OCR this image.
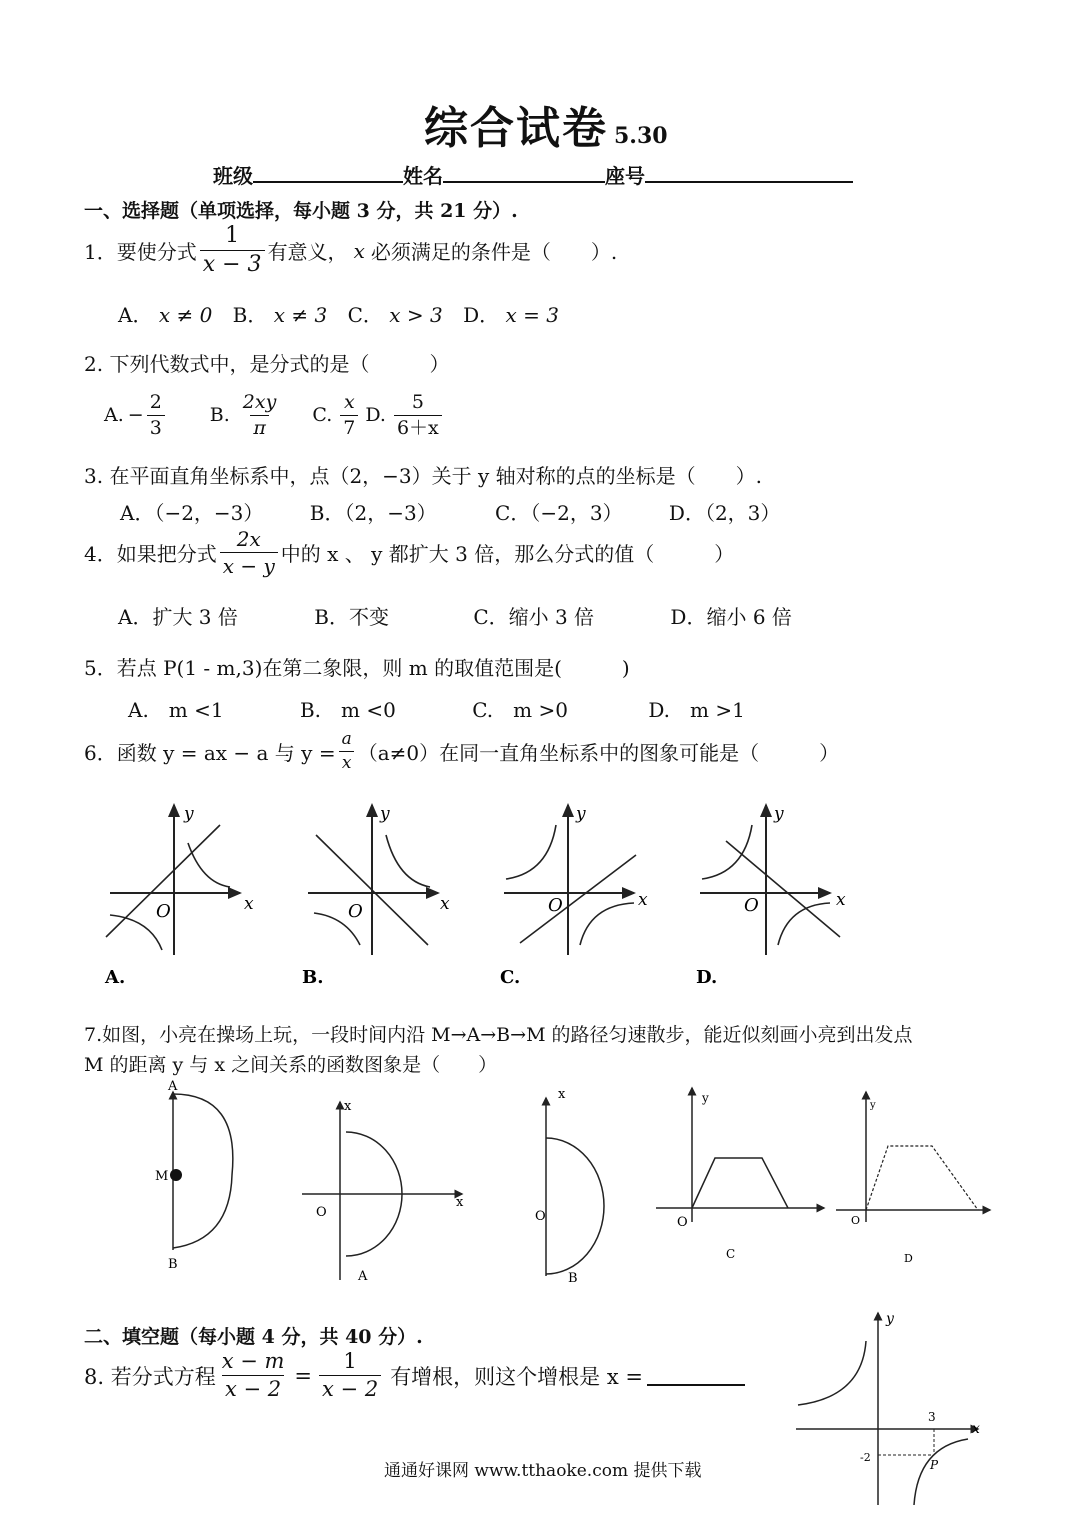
综合试卷 5.30
班级	姓名	座号
一、选择题（单项选择，每小题 3 分，共 21 分）.
1．要使分式 $\frac{1}{x - 3}$ 有意义， x 必须满足的条件是（　　）.
A． x ≠ 0 B． x ≠ 3 C． x > 3 D． x = 3
2. 下列代数式中，是分式的是（　　　）
A. − $\frac{2}{3} B$. $\frac{2xy}{\pi} C$. $\frac{x}{7} D$. $\frac{5}{6+x}$
3. 在平面直角坐标系中，点（2，−3）关于 y 轴对称的点的坐标是（　　）.
A．（−2，−3） B．（2，−3）	C．（−2，3） D．（2，3）
4．如果把分式 $\frac{2x}{x - y}$ 中的 x 、 y 都扩大 3 倍，那么分式的值（　　　）
A．扩大 3 倍	B．不变	C．缩小 3 倍	D．缩小 6 倍
5．若点 P(1 - m,3)在第二象限，则 m 的取值范围是(　　　)
A.　m <1	B.　m <0	C.　m >0	D.　m >1
6．函数 y = ax − a 与 $y = \frac{a}{x} (a\ne 0)$在同一直角坐标系中的图象可能是（　　　）
x
y
O
A.
x
y
O
B.
x
y
O
C.
x
y
O
D.
7.如图，小亮在操场上玩，一段时间内沿 M→A→B→M 的路径匀速散步，能近似刻画小亮到出发点
M 的距离 y 与 x 之间关系的函数图象是（　　）
A
M
B
x
x
O
A
x
O
B
y
O
C
y
O
D
二、填空题（每小题 4 分，共 40 分）.
8. 若分式方程 $\frac{x - m}{x - 2} = \frac{1}{x - 2}$ 有增根，则这个增根是 x =
y
x
3
-2
P
通通好课网 www.tthaoke.com 提供下载
